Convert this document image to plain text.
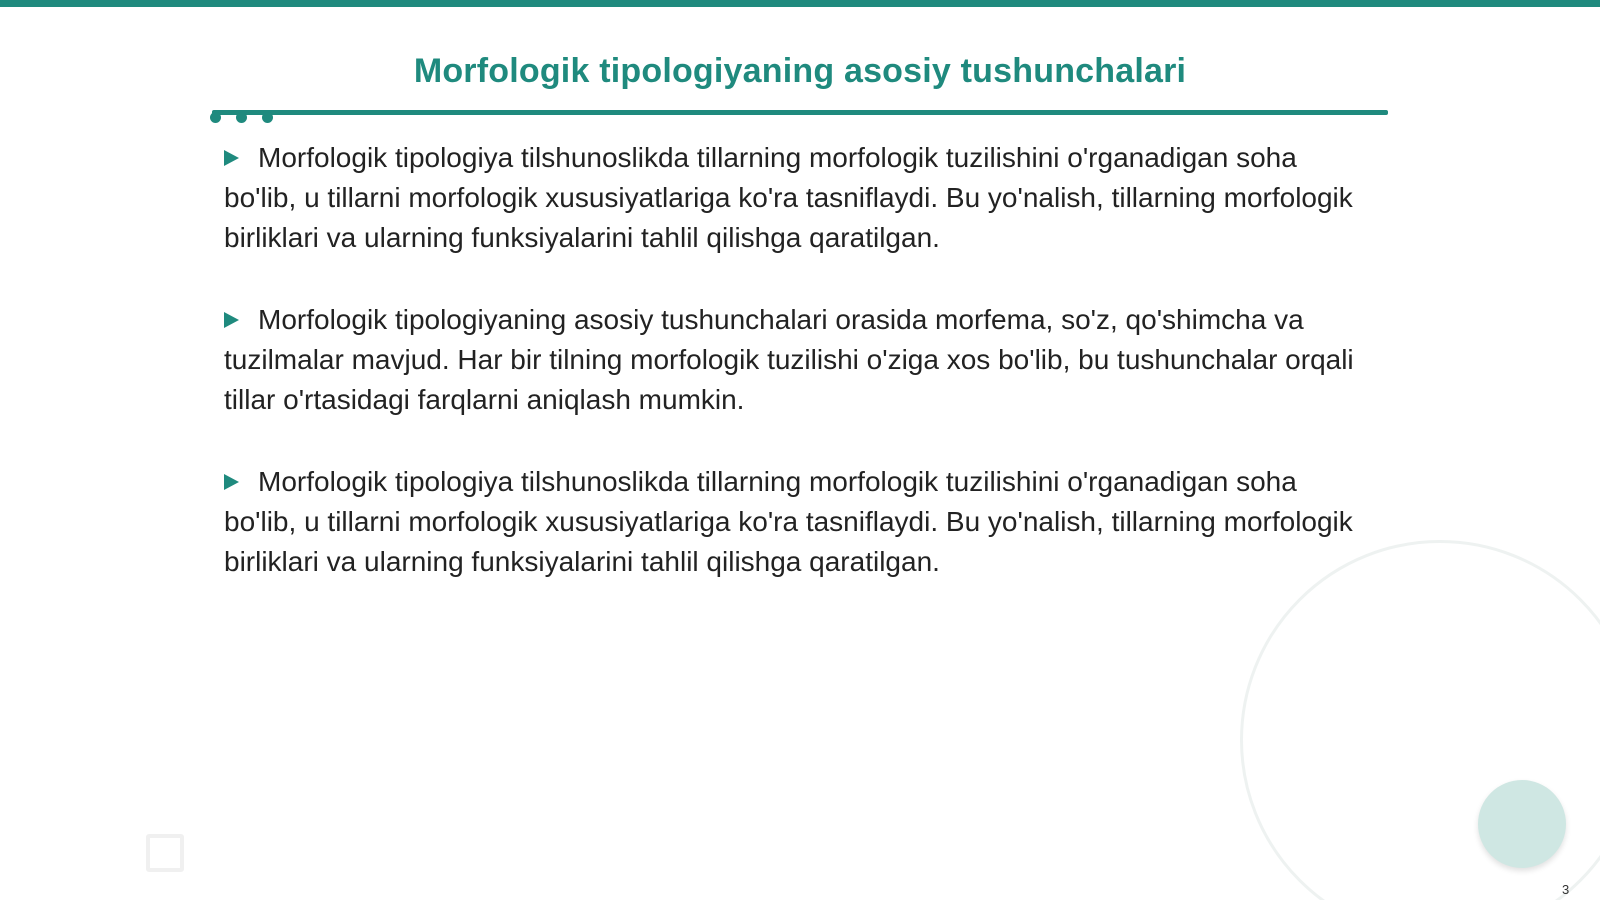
Morfologik tipologiyaning asosiy tushunchalari

Morfologik tipologiya tilshunoslikda tillarning morfologik tuzilishini o'rganadigan soha bo'lib, u tillarni morfologik xususiyatlariga ko'ra tasniflaydi. Bu yo'nalish, tillarning morfologik birliklari va ularning funksiyalarini tahlil qilishga qaratilgan.

Morfologik tipologiyaning asosiy tushunchalari orasida morfema, so'z, qo'shimcha va tuzilmalar mavjud. Har bir tilning morfologik tuzilishi o'ziga xos bo'lib, bu tushunchalar orqali tillar o'rtasidagi farqlarni aniqlash mumkin.

Morfologik tipologiya tilshunoslikda tillarning morfologik tuzilishini o'rganadigan soha bo'lib, u tillarni morfologik xususiyatlariga ko'ra tasniflaydi. Bu yo'nalish, tillarning morfologik birliklari va ularning funksiyalarini tahlil qilishga qaratilgan.

3
